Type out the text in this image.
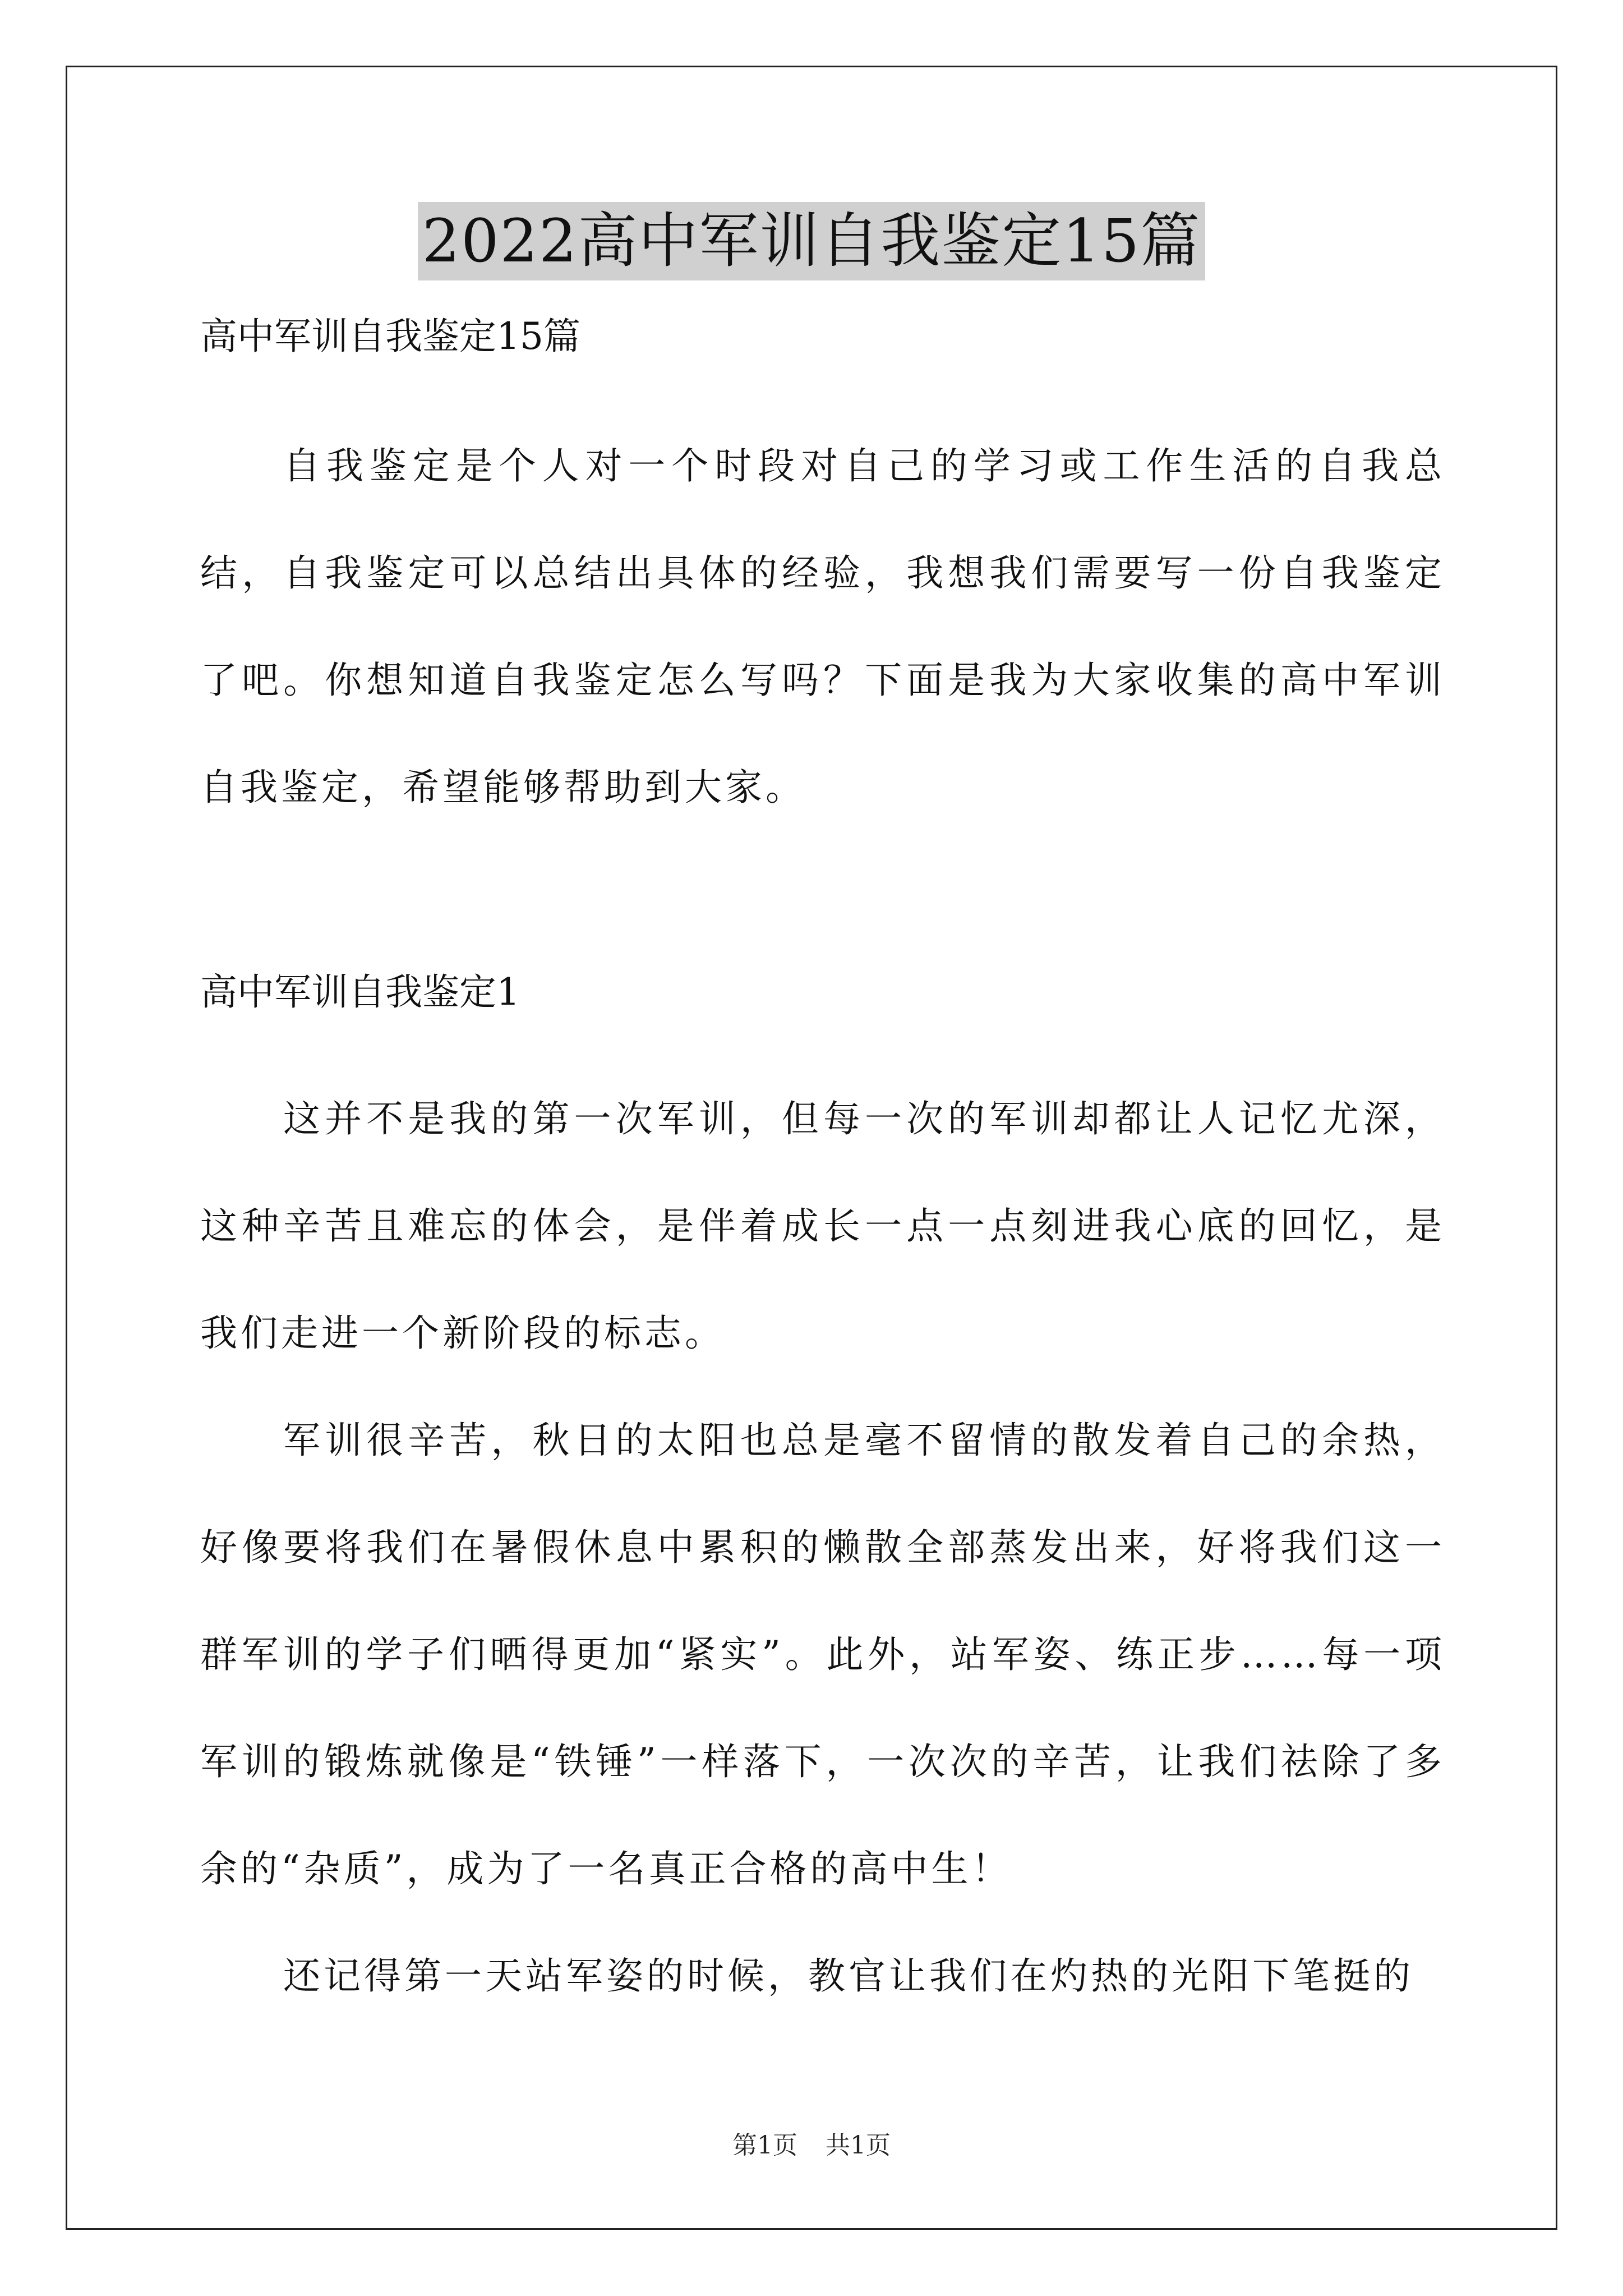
2022高中军训自我鉴定15篇

高中军训自我鉴定15篇

自我鉴定是个人对一个时段对自己的学习或工作生活的自我总结，自我鉴定可以总结出具体的经验，我想我们需要写一份自我鉴定了吧。你想知道自我鉴定怎么写吗？下面是我为大家收集的高中军训自我鉴定，希望能够帮助到大家。

高中军训自我鉴定1

这并不是我的第一次军训，但每一次的军训却都让人记忆尤深，这种辛苦且难忘的体会，是伴着成长一点一点刻进我心底的回忆，是我们走进一个新阶段的标志。

军训很辛苦，秋日的太阳也总是毫不留情的散发着自己的余热，好像要将我们在暑假休息中累积的懒散全部蒸发出来，好将我们这一群军训的学子们晒得更加“紧实”。此外，站军姿、练正步……每一项军训的锻炼就像是“铁锤”一样落下，一次次的辛苦，让我们祛除了多余的“杂质”，成为了一名真正合格的高中生！

还记得第一天站军姿的时候，教官让我们在灼热的光阳下笔挺的

第1页 共1页
